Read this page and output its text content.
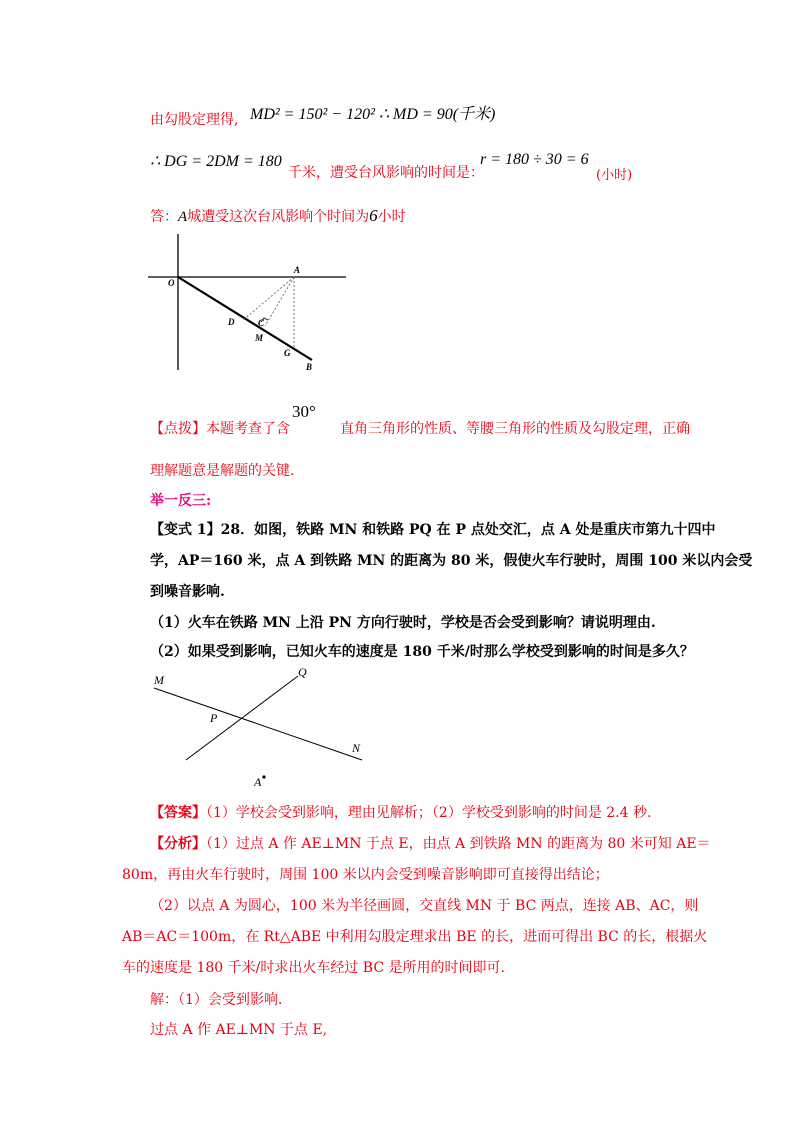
由勾股定理得, MD² = 150² − 120² ∴ MD = 90(千米)
∴ DG = 2DM = 180
千米，遭受台风影响的时间是：
r = 180 ÷ 30 = 6
(小时)
答：A城遭受这次台风影响个时间为6小时
O
A
D	C
M
G
B
【点拨】本题考查了含
30°
直角三角形的性质、等腰三角形的性质及勾股定理，正确
理解题意是解题的关键.
举一反三:
【变式 1】28．如图，铁路 MN 和铁路 PQ 在 P 点处交汇，点 A 处是重庆市第九十四中
学，AP＝160 米，点 A 到铁路 MN 的距离为 80 米，假使火车行驶时，周围 100 米以内会受
到噪音影响.
（1）火车在铁路 MN 上沿 PN 方向行驶时，学校是否会受到影响？请说明理由.
（2）如果受到影响，已知火车的速度是 180 千米/时那么学校受到影响的时间是多久？
M
Q
P
N
A
【答案】（1）学校会受到影响，理由见解析；（2）学校受到影响的时间是 2.4 秒.
【分析】（1）过点 A 作 AE⊥MN 于点 E，由点 A 到铁路 MN 的距离为 80 米可知 AE＝
80m，再由火车行驶时，周围 100 米以内会受到噪音影响即可直接得出结论；
（2）以点 A 为圆心，100 米为半径画圆，交直线 MN 于 BC 两点，连接 AB、AC，则
AB＝AC＝100m，在 Rt△ABE 中利用勾股定理求出 BE 的长，进而可得出 BC 的长，根据火
车的速度是 180 千米/时求出火车经过 BC 是所用的时间即可.
解：（1）会受到影响.
过点 A 作 AE⊥MN 于点 E,
